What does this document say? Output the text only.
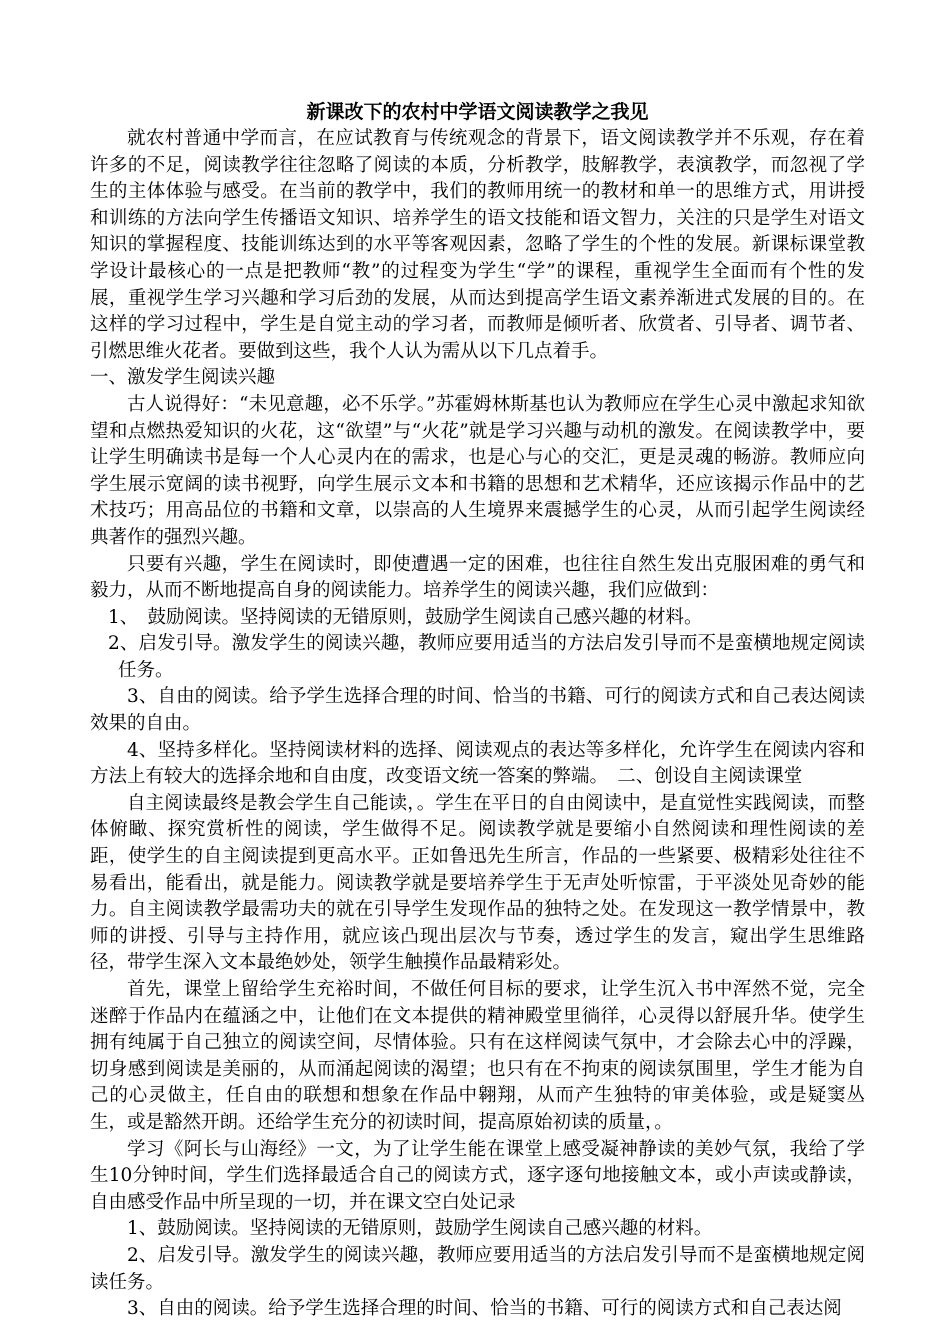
新课改下的农村中学语文阅读教学之我见

就农村普通中学而言，在应试教育与传统观念的背景下，语文阅读教学并不乐观，存在着许多的不足，阅读教学往往忽略了阅读的本质，分析教学，肢解教学，表演教学，而忽视了学生的主体体验与感受。在当前的教学中，我们的教师用统一的教材和单一的思维方式，用讲授和训练的方法向学生传播语文知识、培养学生的语文技能和语文智力，关注的只是学生对语文知识的掌握程度、技能训练达到的水平等客观因素，忽略了学生的个性的发展。新课标课堂教学设计最核心的一点是把教师“教”的过程变为学生“学”的课程，重视学生全面而有个性的发展，重视学生学习兴趣和学习后劲的发展，从而达到提高学生语文素养渐进式发展的目的。在这样的学习过程中，学生是自觉主动的学习者，而教师是倾听者、欣赏者、引导者、调节者、引燃思维火花者。要做到这些，我个人认为需从以下几点着手。

一、激发学生阅读兴趣

古人说得好：“未见意趣，必不乐学。”苏霍姆林斯基也认为教师应在学生心灵中激起求知欲望和点燃热爱知识的火花，这“欲望”与“火花”就是学习兴趣与动机的激发。在阅读教学中，要让学生明确读书是每一个人心灵内在的需求，也是心与心的交汇，更是灵魂的畅游。教师应向学生展示宽阔的读书视野，向学生展示文本和书籍的思想和艺术精华，还应该揭示作品中的艺术技巧；用高品位的书籍和文章，以崇高的人生境界来震撼学生的心灵，从而引起学生阅读经典著作的强烈兴趣。

只要有兴趣，学生在阅读时，即使遭遇一定的困难，也往往自然生发出克服困难的勇气和毅力，从而不断地提高自身的阅读能力。培养学生的阅读兴趣，我们应做到：

1、　鼓励阅读。坚持阅读的无错原则，鼓励学生阅读自己感兴趣的材料。

2、启发引导。激发学生的阅读兴趣，教师应要用适当的方法启发引导而不是蛮横地规定阅读任务。

3、自由的阅读。给予学生选择合理的时间、恰当的书籍、可行的阅读方式和自己表达阅读效果的自由。

4、坚持多样化。坚持阅读材料的选择、阅读观点的表达等多样化，允许学生在阅读内容和方法上有较大的选择余地和自由度，改变语文统一答案的弊端。　二、创设自主阅读课堂

自主阅读最终是教会学生自己能读，。学生在平日的自由阅读中，是直觉性实践阅读，而整体俯瞰、探究赏析性的阅读，学生做得不足。阅读教学就是要缩小自然阅读和理性阅读的差距，使学生的自主阅读提到更高水平。正如鲁迅先生所言，作品的一些紧要、极精彩处往往不易看出，能看出，就是能力。阅读教学就是要培养学生于无声处听惊雷，于平淡处见奇妙的能力。自主阅读教学最需功夫的就在引导学生发现作品的独特之处。在发现这一教学情景中，教师的讲授、引导与主持作用，就应该凸现出层次与节奏，透过学生的发言，窥出学生思维路径，带学生深入文本最绝妙处，领学生触摸作品最精彩处。

首先，课堂上留给学生充裕时间，不做任何目标的要求，让学生沉入书中浑然不觉，完全迷醉于作品内在蕴涵之中，让他们在文本提供的精神殿堂里徜徉，心灵得以舒展升华。使学生拥有纯属于自己独立的阅读空间，尽情体验。只有在这样阅读气氛中，才会除去心中的浮躁，切身感到阅读是美丽的，从而涌起阅读的渴望；也只有在不拘束的阅读氛围里，学生才能为自己的心灵做主，任自由的联想和想象在作品中翱翔，从而产生独特的审美体验，或是疑窦丛生，或是豁然开朗。还给学生充分的初读时间，提高原始初读的质量，。

学习《阿长与山海经》一文，为了让学生能在课堂上感受凝神静读的美妙气氛，我给了学生10分钟时间，学生们选择最适合自己的阅读方式，逐字逐句地接触文本，或小声读或静读，自由感受作品中所呈现的一切，并在课文空白处记录

1、鼓励阅读。坚持阅读的无错原则，鼓励学生阅读自己感兴趣的材料。

2、启发引导。激发学生的阅读兴趣，教师应要用适当的方法启发引导而不是蛮横地规定阅读任务。

3、自由的阅读。给予学生选择合理的时间、恰当的书籍、可行的阅读方式和自己表达阅
